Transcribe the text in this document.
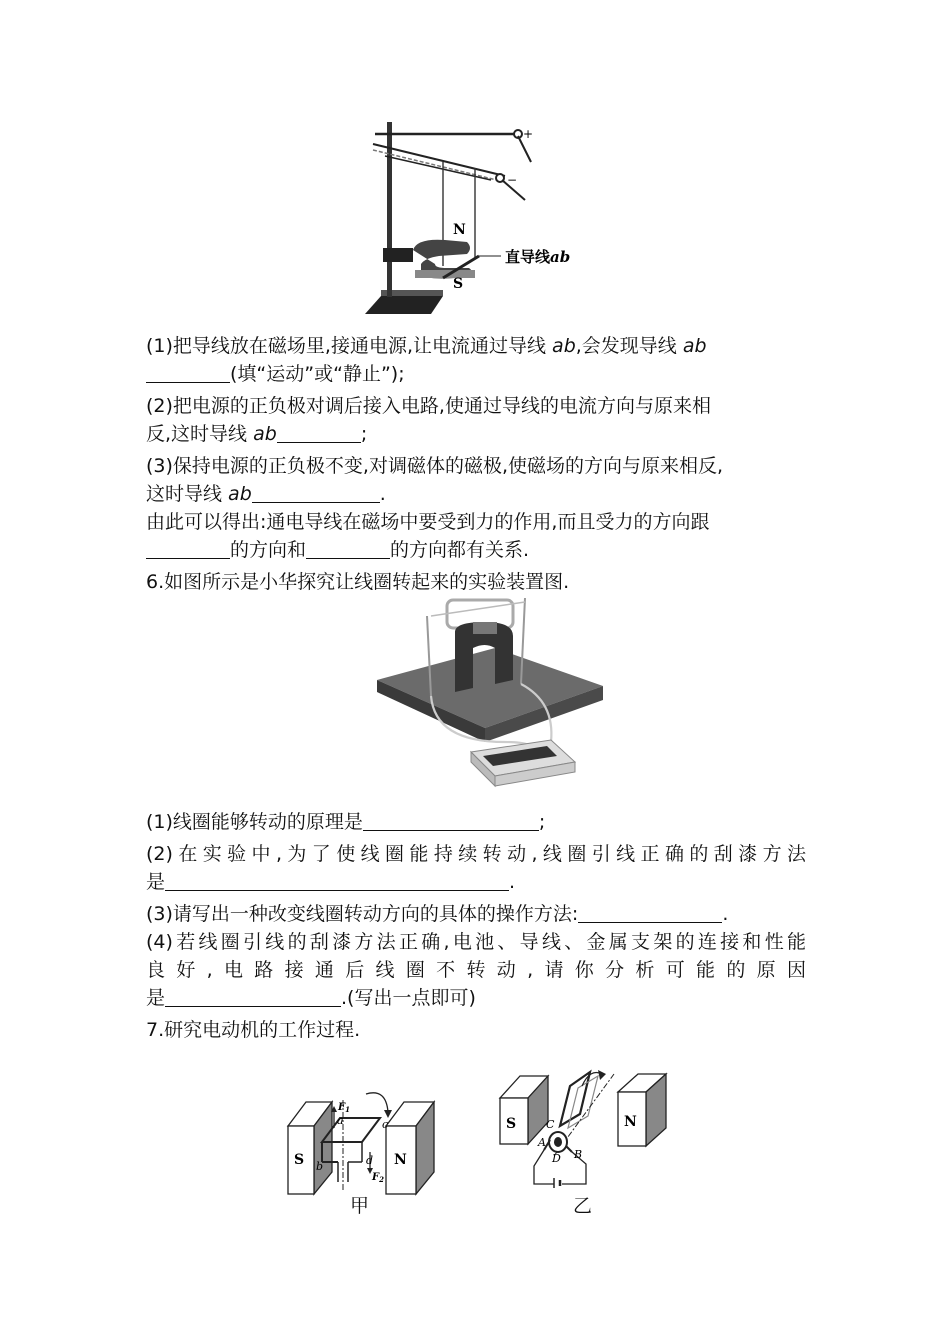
+
−
N
S
直导线ab
(1)把导线放在磁场里,接通电源,让电流通过导线 ab,会发现导线 ab
(填“运动”或“静止”);
(2)把电源的正负极对调后接入电路,使通过导线的电流方向与原来相
反,这时导线 ab	;
(3)保持电源的正负极不变,对调磁体的磁极,使磁场的方向与原来相反,
这时导线 ab	.
由此可以得出:通电导线在磁场中要受到力的作用,而且受力的方向跟
的方向和	的方向都有关系.
6.如图所示是小华探究让线圈转起来的实验装置图.
(1)线圈能够转动的原理是	;
(2)在实验中,为了使线圈能持续转动,线圈引线正确的刮漆方法
是	.
(3)请写出一种改变线圈转动方向的具体的操作方法:	.
(4)若线圈引线的刮漆方法正确,电池、导线、金属支架的连接和性能
良好,电路接通后线圈不转动,请你分析可能的原因
是	.(写出一点即可)
7.研究电动机的工作过程.
S	N
$F_1$
$F_2$
a
b
c
d
甲
S	N
A
B
C
D
乙
